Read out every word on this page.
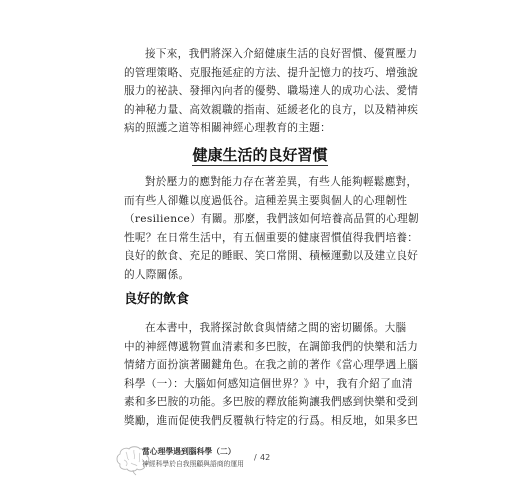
接下來，我們將深入介紹健康生活的良好習慣、優質壓力
的管理策略、克服拖延症的方法、提升記憶力的技巧、增強說
服力的祕訣、發揮內向者的優勢、職場達人的成功心法、愛情
的神秘力量、高效親職的指南、延緩老化的良方，以及精神疾
病的照護之道等相關神經心理教育的主題：

健康生活的良好習慣

對於壓力的應對能力存在著差異，有些人能夠輕鬆應對，
而有些人卻難以度過低谷。這種差異主要與個人的心理韌性
（resilience）有關。那麼，我們該如何培養高品質的心理韌
性呢？在日常生活中，有五個重要的健康習慣值得我們培養：
良好的飲食、充足的睡眠、笑口常開、積極運動以及建立良好
的人際關係。

良好的飲食

在本書中，我將探討飲食與情緒之間的密切關係。大腦
中的神經傳遞物質血清素和多巴胺，在調節我們的快樂和活力
情緒方面扮演著關鍵角色。在我之前的著作《當心理學遇上腦
科學（一）：大腦如何感知這個世界？》中，我有介紹了血清
素和多巴胺的功能。多巴胺的釋放能夠讓我們感到快樂和受到
獎勵，進而促使我們反覆執行特定的行爲。相反地，如果多巴

當心理學遇到腦科學（二）
神經科學於自我照顧與語商的運用
/ 42
